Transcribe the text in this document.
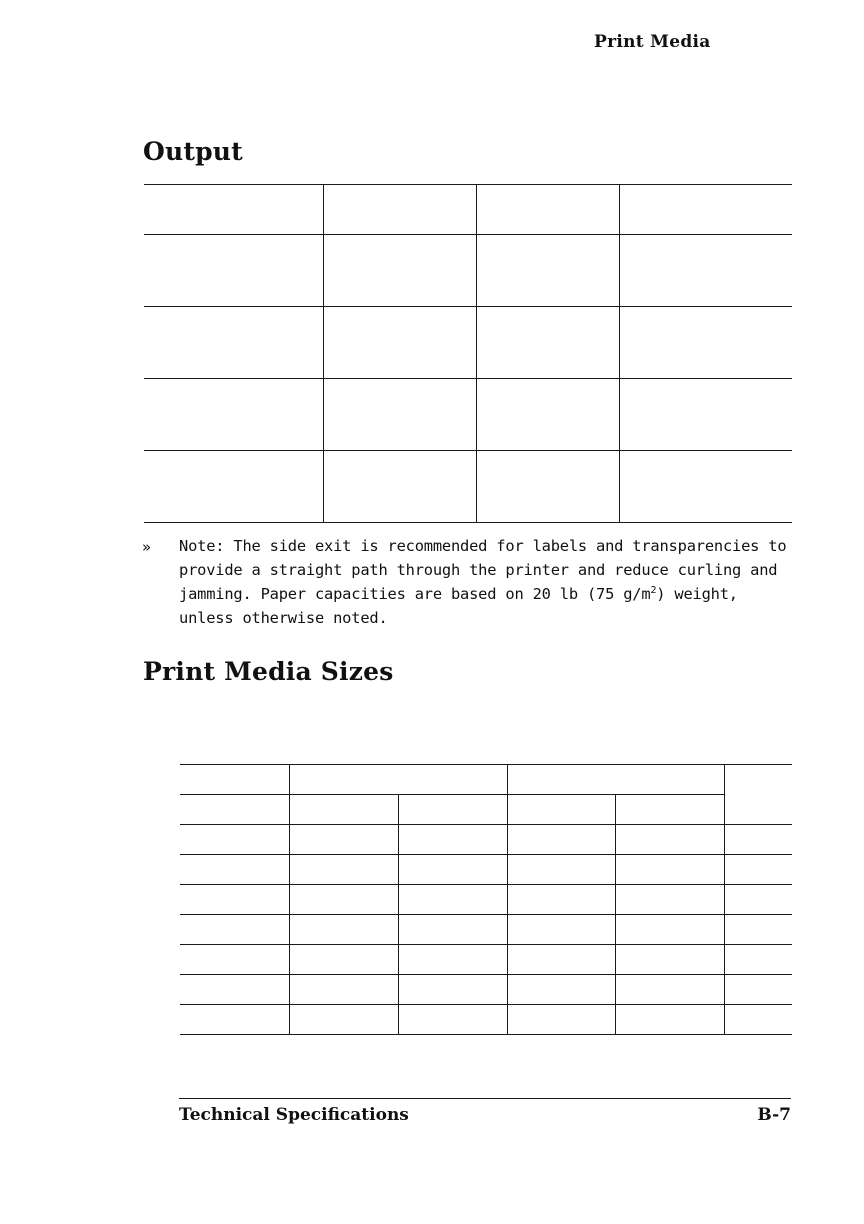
Print Media
Output
» Note: The side exit is recommended for labels and transparencies to provide a straight path through the printer and reduce curling and jamming. Paper capacities are based on 20 lb (75 $g/m^2$) weight, unless otherwise noted.
Print Media Sizes
Technical Specifications	B-7
